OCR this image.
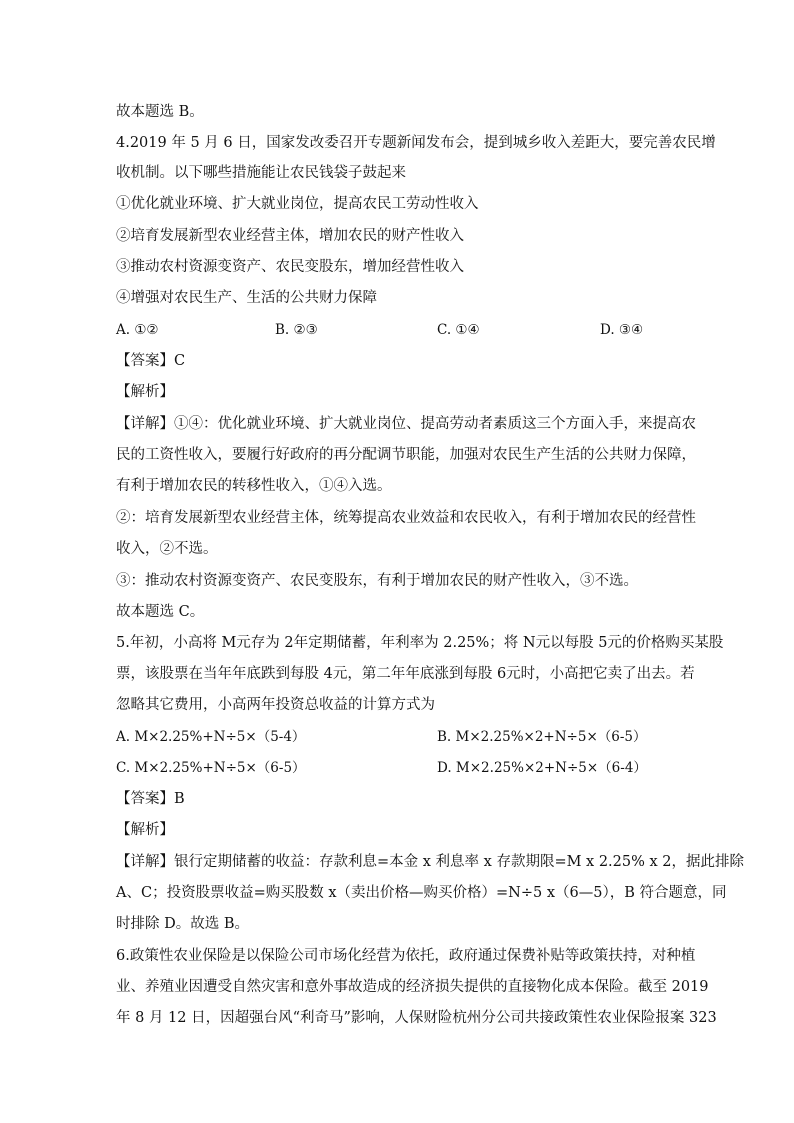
故本题选 B。
4.2019 年 5 月 6 日，国家发改委召开专题新闻发布会，提到城乡收入差距大，要完善农民增
收机制。以下哪些措施能让农民钱袋子鼓起来
①优化就业环境、扩大就业岗位，提高农民工劳动性收入
②培育发展新型农业经营主体，增加农民的财产性收入
③推动农村资源变资产、农民变股东，增加经营性收入
④增强对农民生产、生活的公共财力保障
A. ①②	B. ②③	C. ①④	D. ③④
【答案】C
【解析】
【详解】①④：优化就业环境、扩大就业岗位、提高劳动者素质这三个方面入手，来提高农
民的工资性收入，要履行好政府的再分配调节职能，加强对农民生产生活的公共财力保障，
有利于增加农民的转移性收入，①④入选。
②：培育发展新型农业经营主体，统筹提高农业效益和农民收入，有利于增加农民的经营性
收入，②不选。
③：推动农村资源变资产、农民变股东，有利于增加农民的财产性收入，③不选。
故本题选 C。
5.年初，小高将 M元存为 2年定期储蓄，年利率为 2.25%；将 N元以每股 5元的价格购买某股
票，该股票在当年年底跌到每股 4元，第二年年底涨到每股 6元时，小高把它卖了出去。若
忽略其它费用，小高两年投资总收益的计算方式为
A. M×2.25%+N÷5×（5-4）	B. M×2.25%×2+N÷5×（6-5）
C. M×2.25%+N÷5×（6-5）	D. M×2.25%×2+N÷5×（6-4）
【答案】B
【解析】
【详解】银行定期储蓄的收益：存款利息=本金 x 利息率 x 存款期限=M x 2.25% x 2，据此排除
A、C；投资股票收益=购买股数 x（卖出价格—购买价格）=N÷5 x（6—5），B 符合题意，同
时排除 D。故选 B。
6.政策性农业保险是以保险公司市场化经营为依托，政府通过保费补贴等政策扶持，对种植
业、养殖业因遭受自然灾害和意外事故造成的经济损失提供的直接物化成本保险。截至 2019
年 8 月 12 日，因超强台风“利奇马”影响，人保财险杭州分公司共接政策性农业保险报案 323
